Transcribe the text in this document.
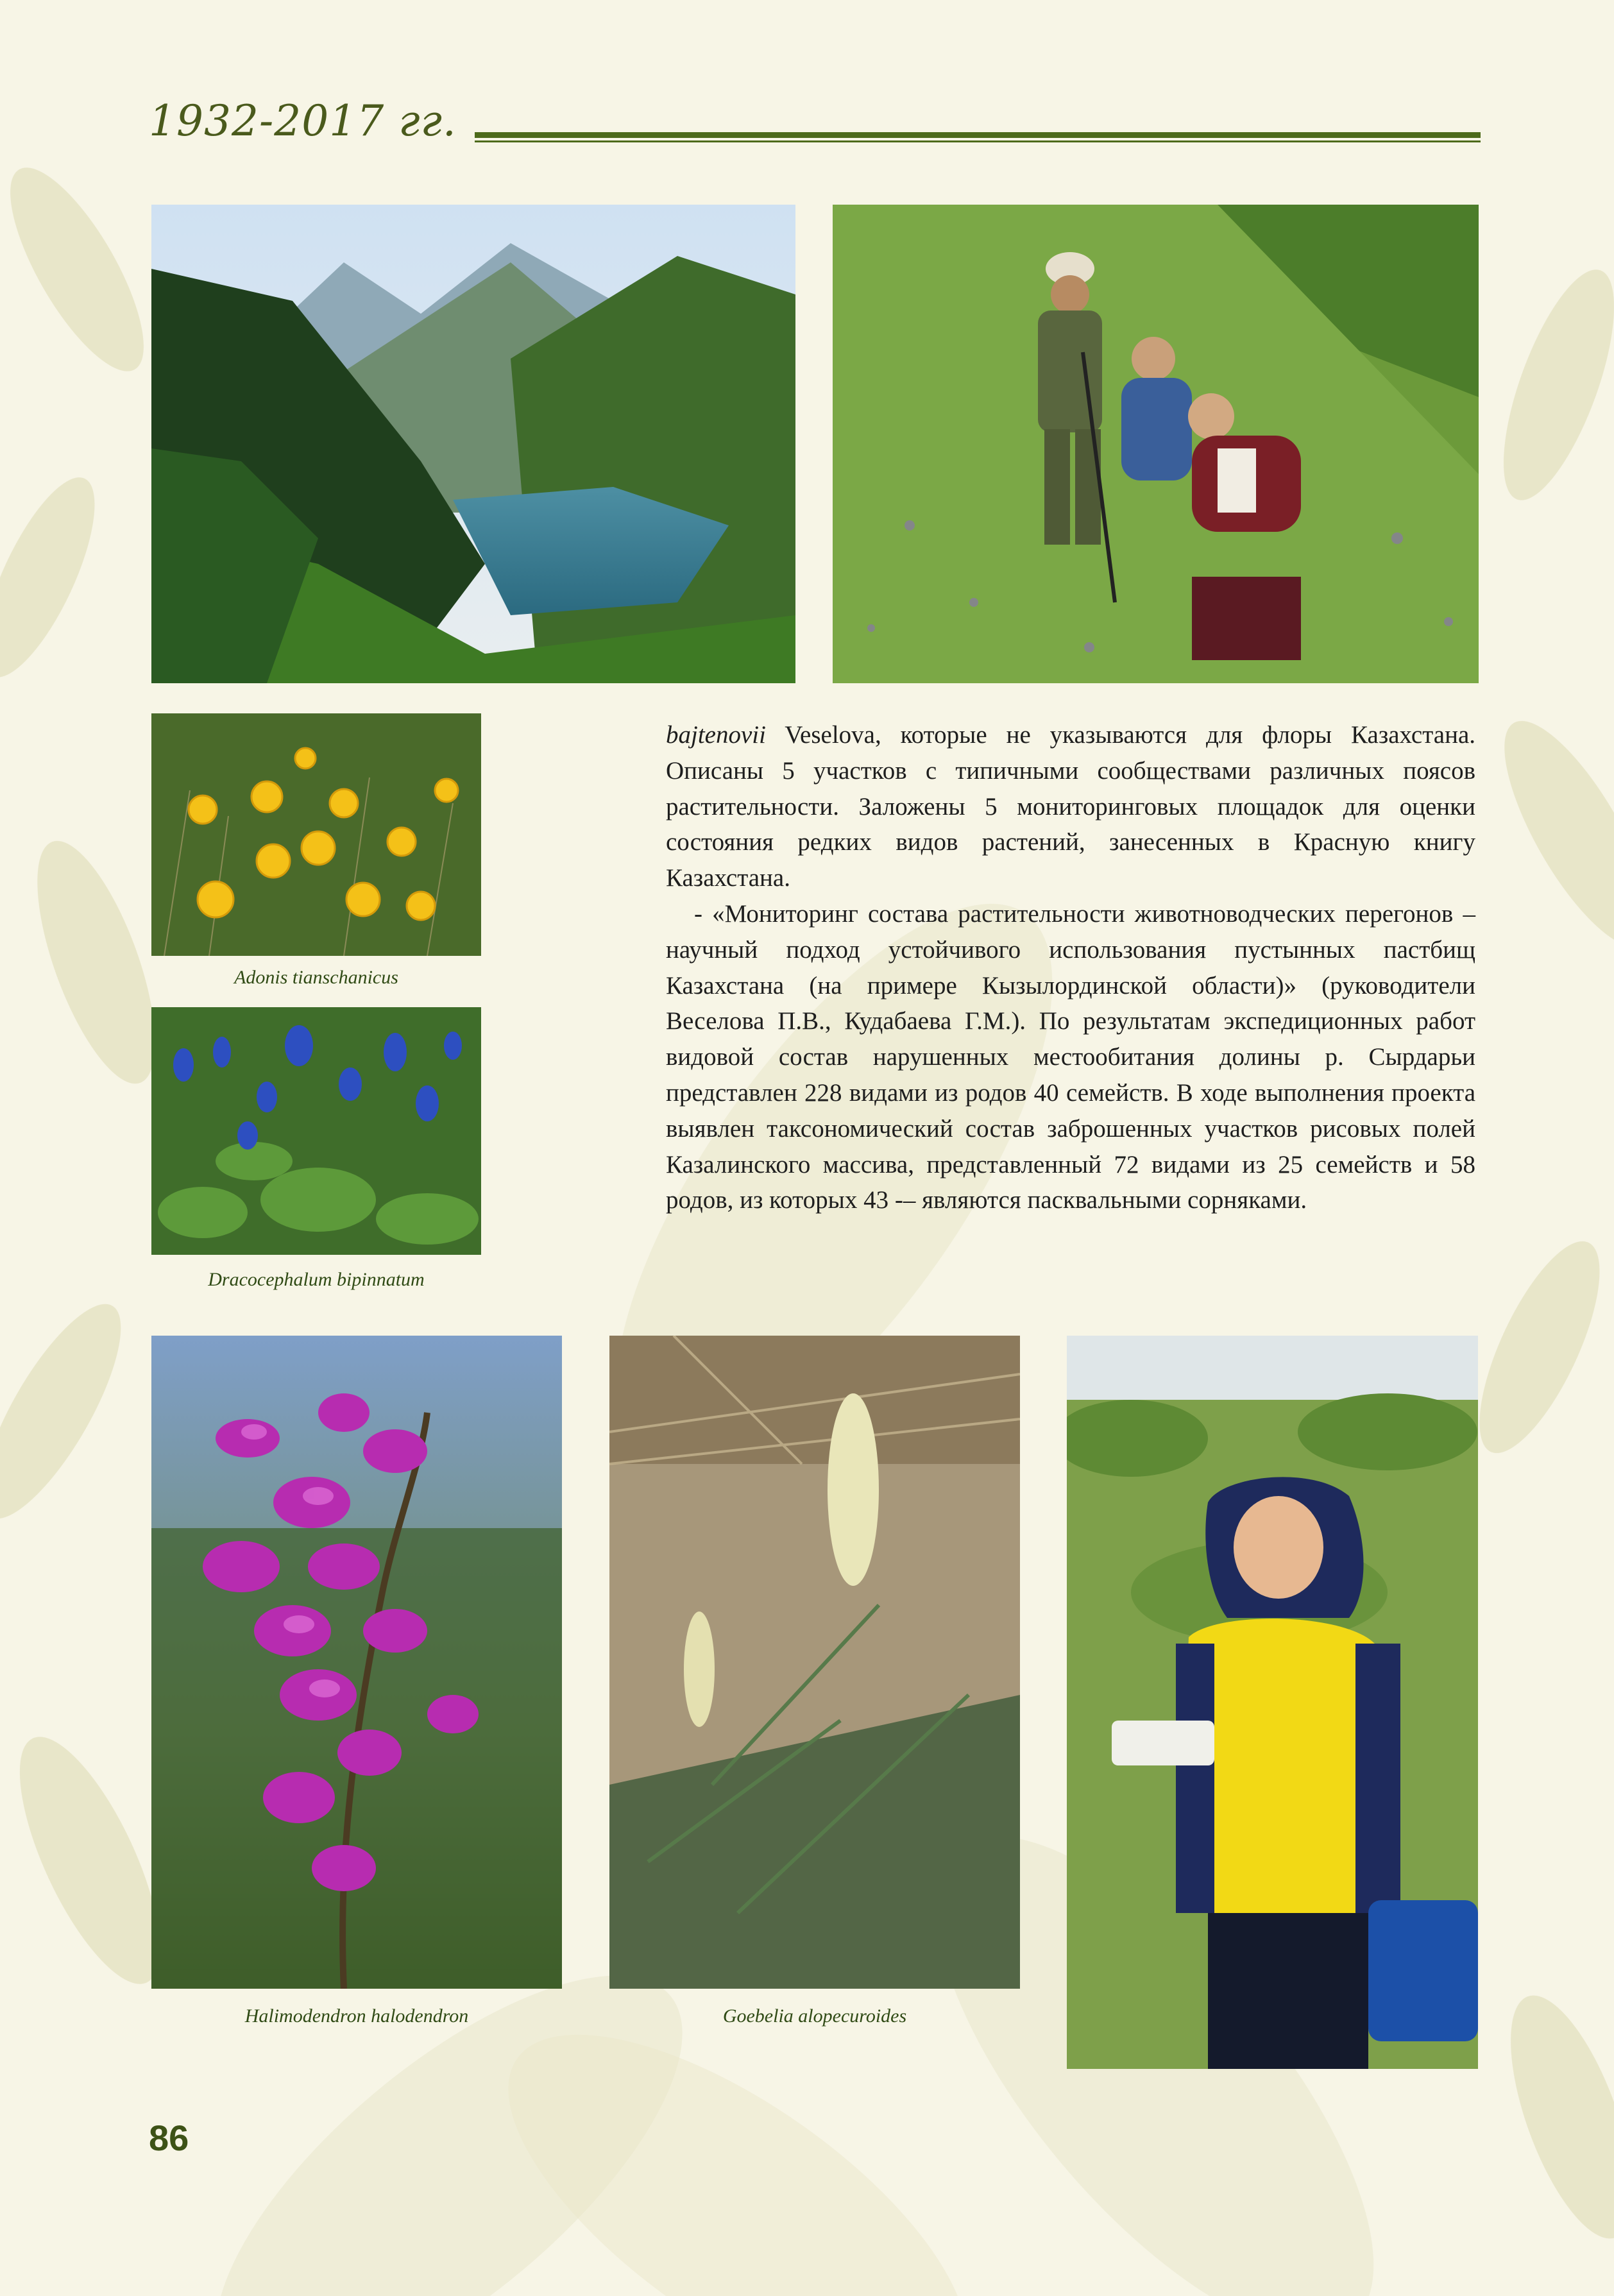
1932-2017 гг.
Adonis tianschanicus
Dracocephalum bipinnatum

bajtenovii Veselova, которые не указываются для флоры Казахстана. Описаны 5 участков с типичными сообществами различных поясов растительности. Заложены 5 мониторинговых площадок для оценки состояния редких видов растений, занесенных в Красную книгу Казахстана.

- «Мониторинг состава растительности животноводческих перегонов – научный подход устойчивого использования пустынных пастбищ Казахстана (на примере Кызылординской области)» (руководители Веселова П.В., Кудабаева Г.М.). По результатам экспедиционных работ видовой состав нарушенных местообитания долины р. Сырдарьи представлен 228 видами из родов 40 семейств. В ходе выполнения проекта выявлен таксономический состав заброшенных участков рисовых полей Казалинского массива, представленный 72 видами из 25 семейств и 58 родов, из которых 43 -– являются пасквальными сорняками.

Halimodendron halodendron	Goebelia alopecuroides
86
